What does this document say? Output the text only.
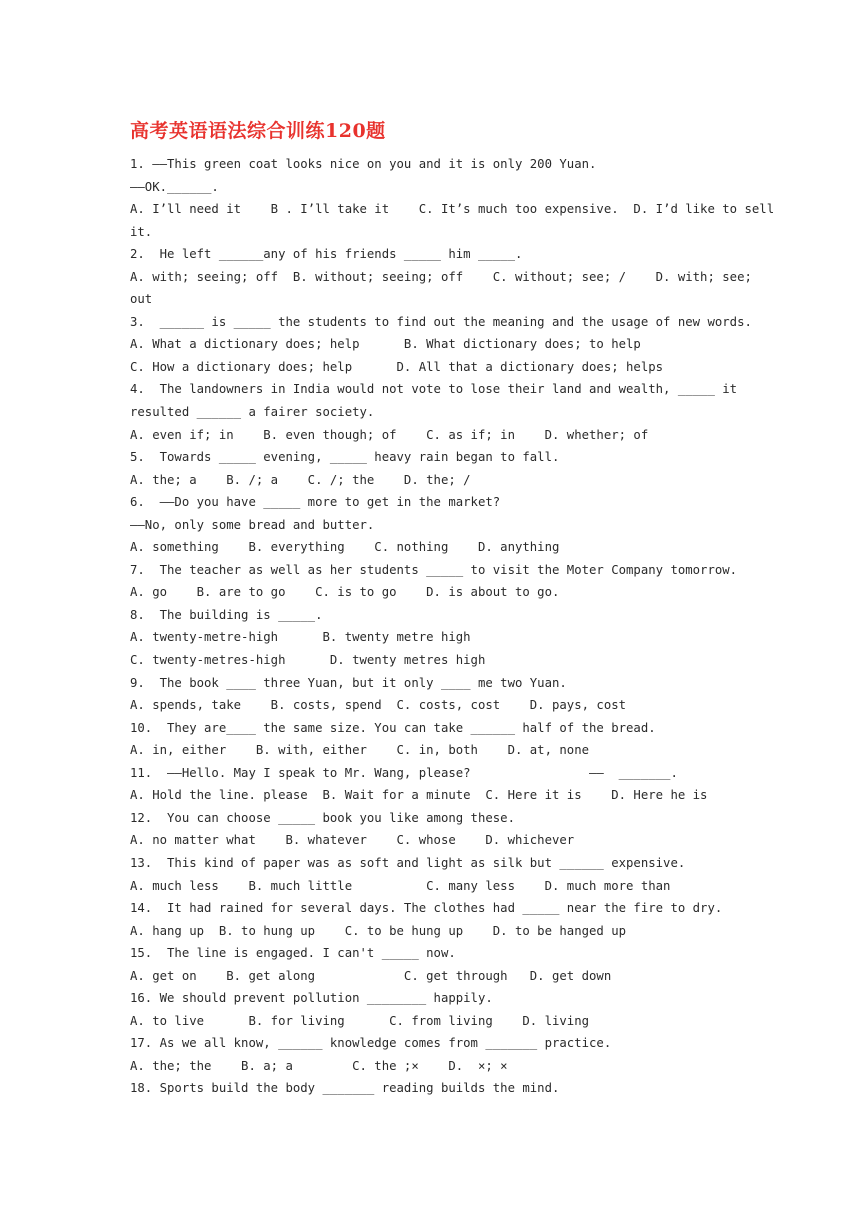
高考英语语法综合训练120题
1. ——This green coat looks nice on you and it is only 200 Yuan.
——OK.______.
A. I’ll need it    B . I’ll take it    C. It’s much too expensive.  D. I’d like to sell
it.
2.  He left ______any of his friends _____ him _____.
A. with; seeing; off  B. without; seeing; off    C. without; see; /    D. with; see;
out
3.  ______ is _____ the students to find out the meaning and the usage of new words.
A. What a dictionary does; help      B. What dictionary does; to help
C. How a dictionary does; help      D. All that a dictionary does; helps
4.  The landowners in India would not vote to lose their land and wealth, _____ it
resulted ______ a fairer society.
A. even if; in    B. even though; of    C. as if; in    D. whether; of
5.  Towards _____ evening, _____ heavy rain began to fall.
A. the; a    B. /; a    C. /; the    D. the; /
6.  ——Do you have _____ more to get in the market?
——No, only some bread and butter.
A. something    B. everything    C. nothing    D. anything
7.  The teacher as well as her students _____ to visit the Moter Company tomorrow.
A. go    B. are to go    C. is to go    D. is about to go.
8.  The building is _____.
A. twenty-metre-high      B. twenty metre high
C. twenty-metres-high      D. twenty metres high
9.  The book ____ three Yuan, but it only ____ me two Yuan.
A. spends, take    B. costs, spend  C. costs, cost    D. pays, cost
10.  They are____ the same size. You can take ______ half of the bread.
A. in, either    B. with, either    C. in, both    D. at, none
11.  ——Hello. May I speak to Mr. Wang, please?                ——  _______.
A. Hold the line. please  B. Wait for a minute  C. Here it is    D. Here he is
12.  You can choose _____ book you like among these.
A. no matter what    B. whatever    C. whose    D. whichever
13.  This kind of paper was as soft and light as silk but ______ expensive.
A. much less    B. much little          C. many less    D. much more than
14.  It had rained for several days. The clothes had _____ near the fire to dry.
A. hang up  B. to hung up    C. to be hung up    D. to be hanged up
15.  The line is engaged. I can't _____ now.
A. get on    B. get along            C. get through   D. get down
16. We should prevent pollution ________ happily.
A. to live      B. for living      C. from living    D. living
17. As we all know, ______ knowledge comes from _______ practice.
A. the; the    B. a; a        C. the ;×    D.  ×; ×
18. Sports build the body _______ reading builds the mind.
